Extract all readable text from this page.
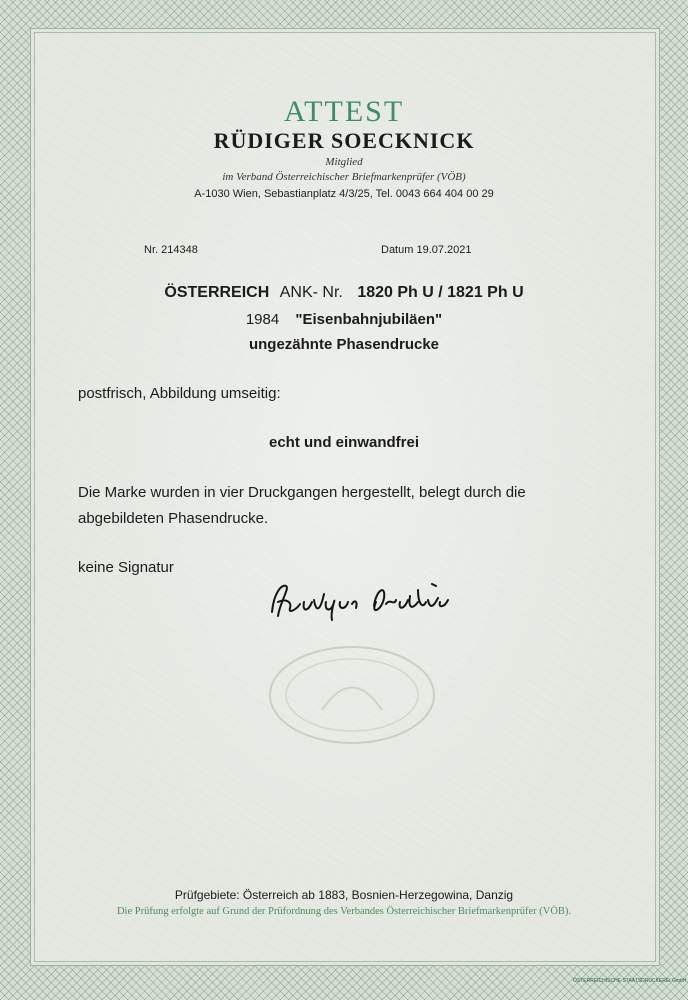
ATTEST
RÜDIGER SOECKNICK
Mitglied
im Verband Österreichischer Briefmarkenprüfer (VÖB)
A-1030 Wien, Sebastianplatz 4/3/25, Tel. 0043 664 404 00 29
Nr. 214348	Datum 19.07.2021
ÖSTERREICH ANK- Nr. 1820 Ph U / 1821 Ph U
1984 "Eisenbahnjubiläen"
ungezähnte Phasendrucke
postfrisch, Abbildung umseitig:
echt und einwandfrei
Die Marke wurden in vier Druckgangen hergestellt, belegt durch die
abgebildeten Phasendrucke.
keine Signatur
Prüfgebiete: Österreich ab 1883, Bosnien-Herzegowina, Danzig
Die Prüfung erfolgte auf Grund der Prüfordnung des Verbandes Österreichischer Briefmarkenprüfer (VÖB).
ÖSTERREICHISCHE STAATSDRUCKEREI GmbH
